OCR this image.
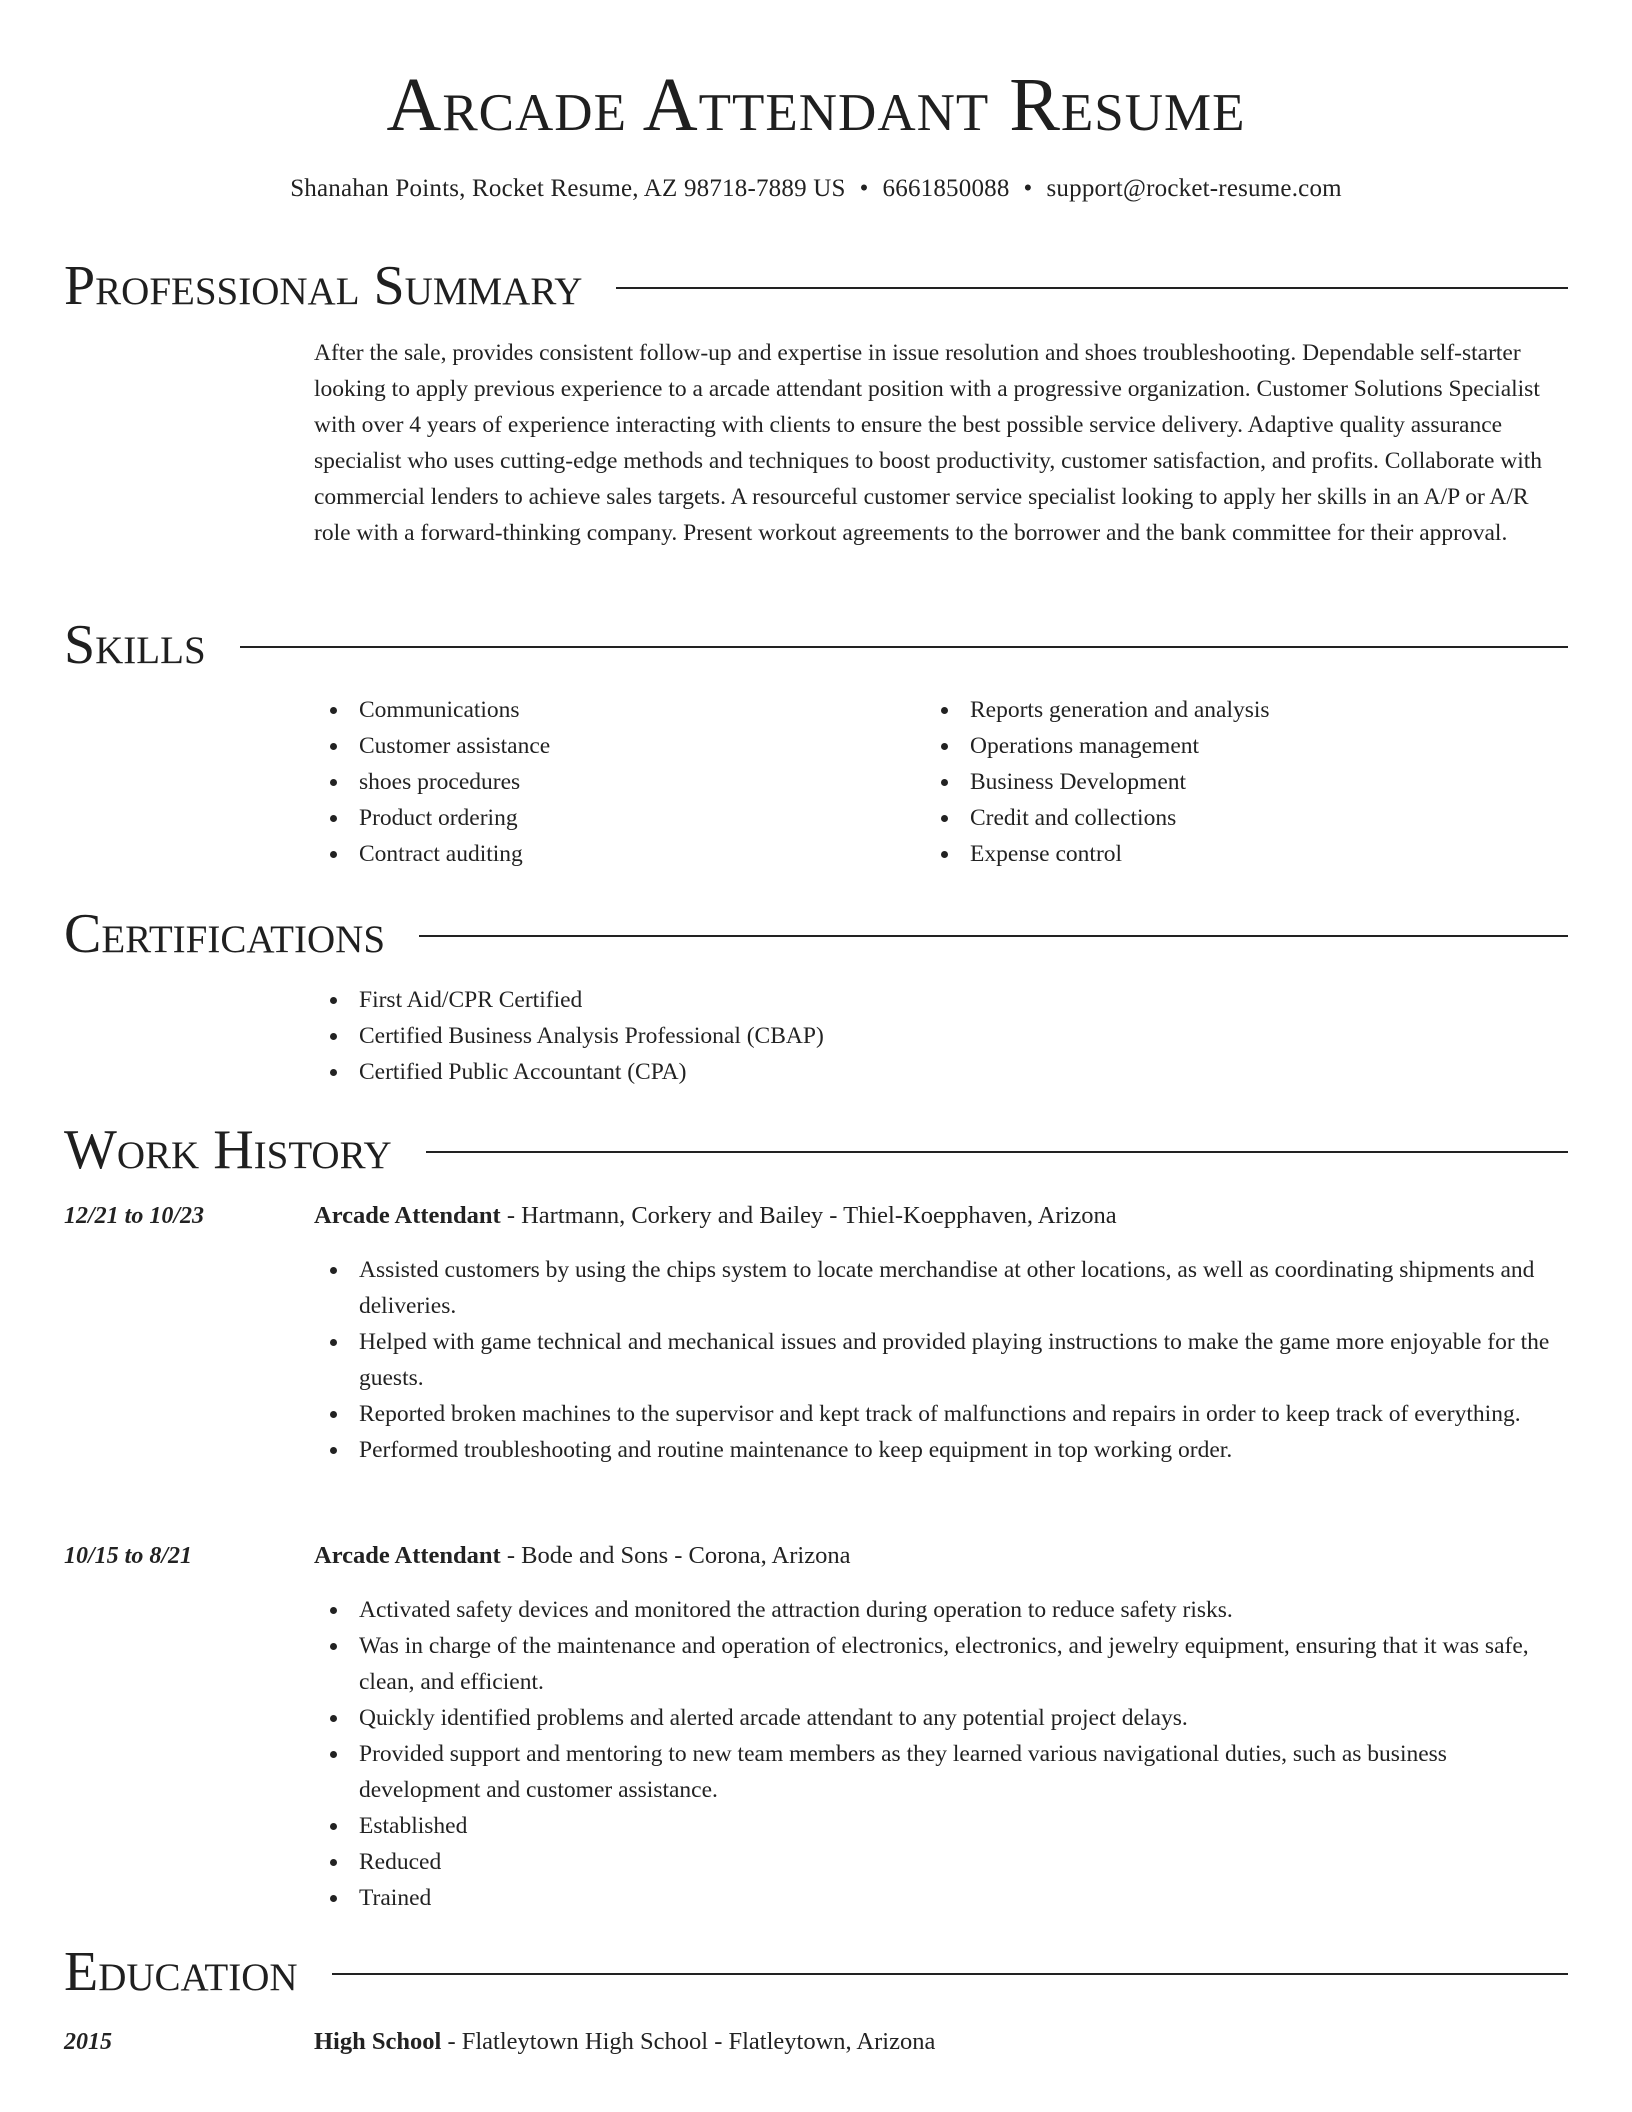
Arcade Attendant Resume
Shanahan Points, Rocket Resume, AZ 98718-7889 US • 6661850088 • support@rocket-resume.com
Professional Summary
After the sale, provides consistent follow-up and expertise in issue resolution and shoes troubleshooting. Dependable self-starter looking to apply previous experience to a arcade attendant position with a progressive organization. Customer Solutions Specialist with over 4 years of experience interacting with clients to ensure the best possible service delivery. Adaptive quality assurance specialist who uses cutting-edge methods and techniques to boost productivity, customer satisfaction, and profits. Collaborate with commercial lenders to achieve sales targets. A resourceful customer service specialist looking to apply her skills in an A/P or A/R role with a forward-thinking company. Present workout agreements to the borrower and the bank committee for their approval.
Skills
Communications
Customer assistance
shoes procedures
Product ordering
Contract auditing
Reports generation and analysis
Operations management
Business Development
Credit and collections
Expense control
Certifications
First Aid/CPR Certified
Certified Business Analysis Professional (CBAP)
Certified Public Accountant (CPA)
Work History
12/21 to 10/23	Arcade Attendant - Hartmann, Corkery and Bailey - Thiel-Koepphaven, Arizona
Assisted customers by using the chips system to locate merchandise at other locations, as well as coordinating shipments and deliveries.
Helped with game technical and mechanical issues and provided playing instructions to make the game more enjoyable for the guests.
Reported broken machines to the supervisor and kept track of malfunctions and repairs in order to keep track of everything.
Performed troubleshooting and routine maintenance to keep equipment in top working order.
10/15 to 8/21	Arcade Attendant - Bode and Sons - Corona, Arizona
Activated safety devices and monitored the attraction during operation to reduce safety risks.
Was in charge of the maintenance and operation of electronics, electronics, and jewelry equipment, ensuring that it was safe, clean, and efficient.
Quickly identified problems and alerted arcade attendant to any potential project delays.
Provided support and mentoring to new team members as they learned various navigational duties, such as business development and customer assistance.
Established
Reduced
Trained
Education
2015	High School - Flatleytown High School - Flatleytown, Arizona
